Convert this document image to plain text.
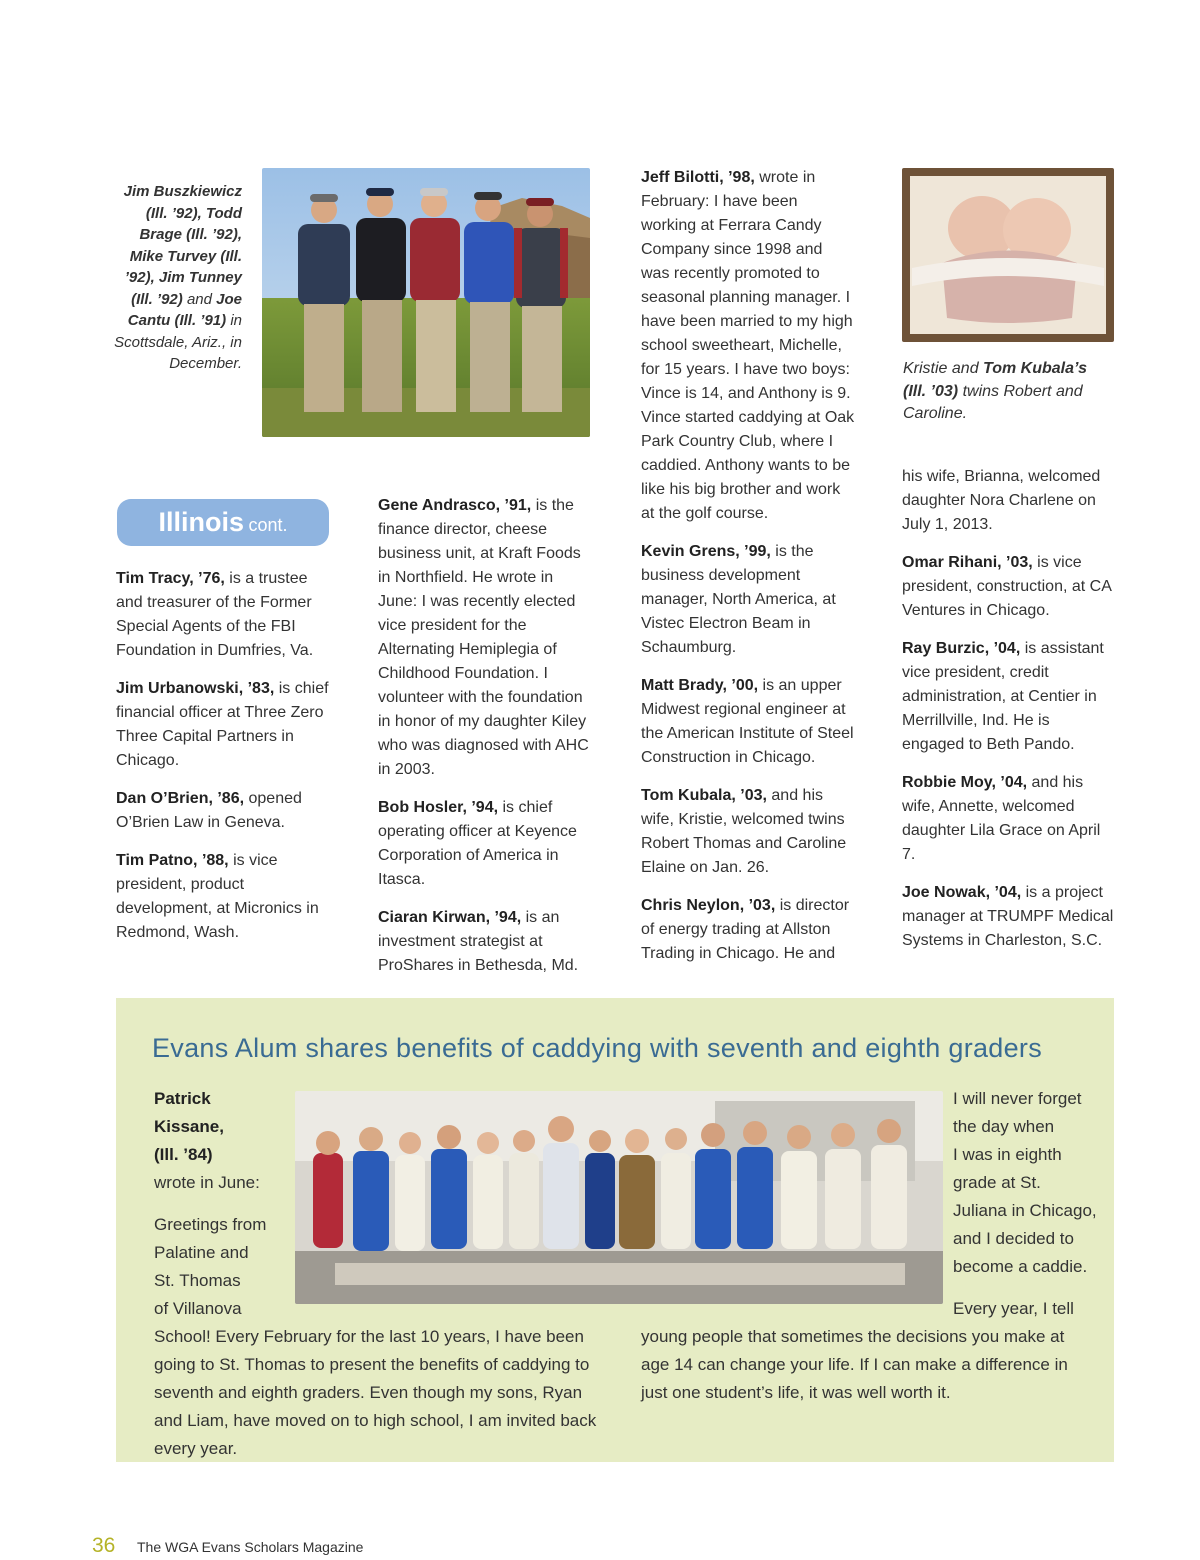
Jim Buszkiewicz (Ill. ’92), Todd Brage (Ill. ’92), Mike Turvey (Ill. ’92), Jim Tunney (Ill. ’92) and Joe Cantu (Ill. ’91) in Scottsdale, Ariz., in December.	Kristie and Tom Kubala’s (Ill. ’03) twins Robert and Caroline.
Illinois cont.

Tim Tracy, ’76, is a trustee and treasurer of the Former Special Agents of the FBI Foundation in Dumfries, Va.

Jim Urbanowski, ’83, is chief financial officer at Three Zero Three Capital Partners in Chicago.

Dan O’Brien, ’86, opened O’Brien Law in Geneva.

Tim Patno, ’88, is vice president, product development, at Micronics in Redmond, Wash.

Gene Andrasco, ’91, is the finance director, cheese business unit, at Kraft Foods in Northfield. He wrote in June: I was recently elected vice president for the Alternating Hemiplegia of Childhood Foundation. I volunteer with the foundation in honor of my daughter Kiley who was diagnosed with AHC in 2003.

Bob Hosler, ’94, is chief operating officer at Keyence Corporation of America in Itasca.

Ciaran Kirwan, ’94, is an investment strategist at ProShares in Bethesda, Md.

Jeff Bilotti, ’98, wrote in February: I have been working at Ferrara Candy Company since 1998 and was recently promoted to seasonal planning manager. I have been married to my high school sweetheart, Michelle, for 15 years. I have two boys: Vince is 14, and Anthony is 9. Vince started caddying at Oak Park Country Club, where I caddied. Anthony wants to be like his big brother and work at the golf course.

Kevin Grens, ’99, is the business development manager, North America, at Vistec Electron Beam in Schaumburg.

Matt Brady, ’00, is an upper Midwest regional engineer at the American Institute of Steel Construction in Chicago.

Tom Kubala, ’03, and his wife, Kristie, welcomed twins Robert Thomas and Caroline Elaine on Jan. 26.

Chris Neylon, ’03, is director of energy trading at Allston Trading in Chicago. He and

his wife, Brianna, welcomed daughter Nora Charlene on July 1, 2013.

Omar Rihani, ’03, is vice president, construction, at CA Ventures in Chicago.

Ray Burzic, ’04, is assistant vice president, credit administration, at Centier in Merrillville, Ind. He is engaged to Beth Pando.

Robbie Moy, ’04, and his wife, Annette, welcomed daughter Lila Grace on April 7.

Joe Nowak, ’04, is a project manager at TRUMPF Medical Systems in Charleston, S.C.

Evans Alum shares benefits of caddying with seventh and eighth graders
Patrick
Kissane,
(Ill. ’84)
wrote in June:
Greetings from
Palatine and
St. Thomas
of Villanova
School! Every February for the last 10 years, I have been going to St. Thomas to present the benefits of caddying to seventh and eighth graders. Even though my sons, Ryan and Liam, have moved on to high school, I am invited back every year.
I will never forget
the day when
I was in eighth
grade at St.
Juliana in Chicago,
and I decided to
become a caddie.
Every year, I tell
young people that sometimes the decisions you make at age 14 can change your life. If I can make a difference in just one student’s life, it was well worth it.
36 The WGA Evans Scholars Magazine
